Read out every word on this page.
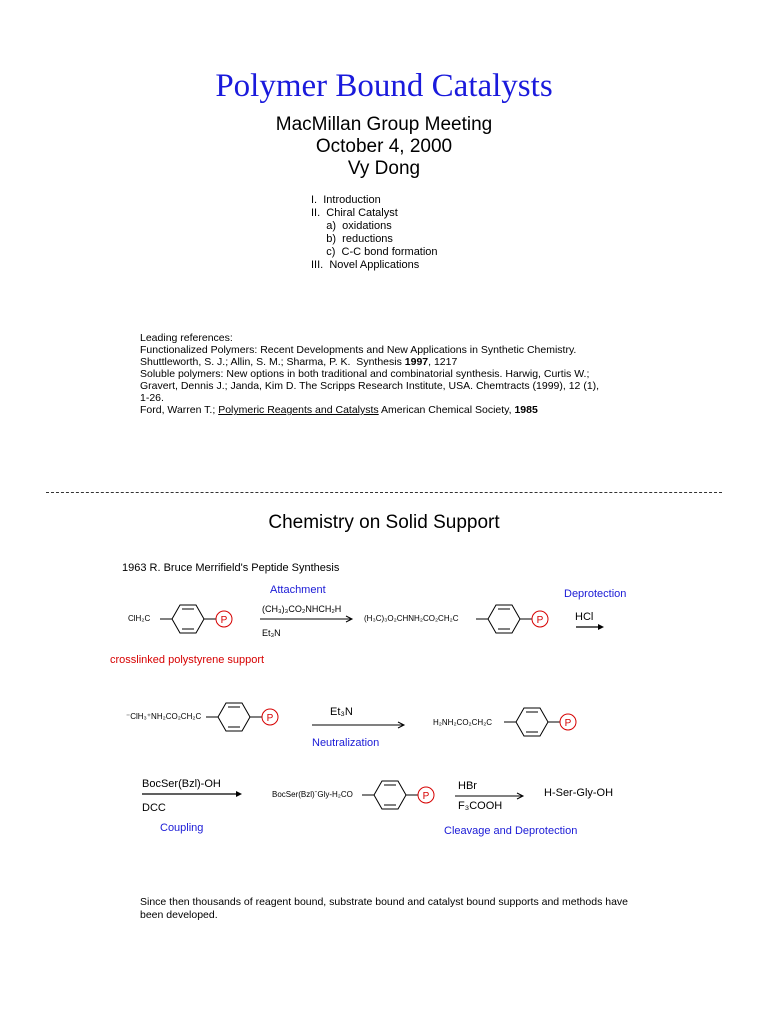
Polymer Bound Catalysts
MacMillan Group Meeting
October 4, 2000
Vy Dong
I.  Introduction
II.  Chiral Catalyst
a)  oxidations
b)  reductions
c)  C-C bond formation
III.  Novel Applications
Leading references:
Functionalized Polymers: Recent Developments and New Applications in Synthetic Chemistry.
Shuttleworth, S. J.; Allin, S. M.; Sharma, P. K.  Synthesis 1997, 1217
Soluble polymers: New options in both traditional and combinatorial synthesis. Harwig, Curtis W.;
Gravert, Dennis J.; Janda, Kim D. The Scripps Research Institute, USA. Chemtracts (1999), 12 (1),
1-26.
Ford, Warren T.; Polymeric Reagents and Catalysts American Chemical Society, 1985
Chemistry on Solid Support
1963 R. Bruce Merrifield's Peptide Synthesis
ClH₂C	P
Attachment
(CH₃)₃CO₂NHCH₂H
Et₃N
(H₃C)₃O₂CHNH₂CO₂CH₂C	P
crosslinked polystyrene support
Deprotection
HCl
⁻ClH₃⁺NH₂CO₂CH₂C	P
Et₃N
Neutralization
H₂NH₂CO₂CH₂C	P
BocSer(Bzl)-OH
DCC
Coupling
BocSer(Bzl)ˉGly-H₂CO	P
HBr
F₃COOH
H-Ser-Gly-OH
Cleavage and Deprotection
Since then thousands of reagent bound, substrate bound and catalyst bound supports and methods have
been developed.
